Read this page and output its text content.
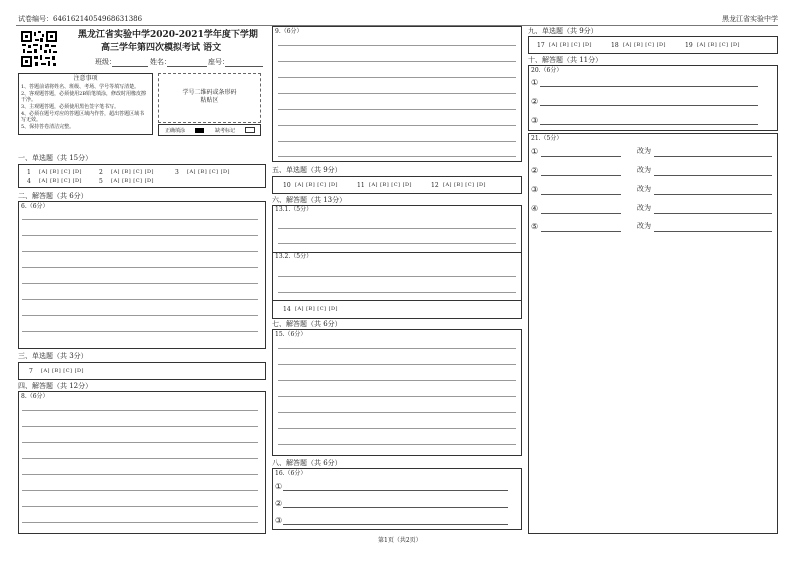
试卷编号：6461621405496863138​6	黑龙江省实验中学
黑龙江省实验中学2020-2021学年度下学期
高三学年第四次模拟考试 语文
班级：	姓名：	座号：
注意事项
1、答题前请将姓名、班级、考场、学号等填写清楚。
2、客观题答题，必须使用2B铅笔填涂，修改时用橡皮擦干净。
3、主观题答题，必须使用黑色签字笔书写。
4、必须在题号对应的答题区域内作答，超出答题区域书写无效。
5、保持答卷清洁完整。
学号二维码或条形码
粘贴区
正确填涂	缺考标记
一、单选题（共 15分）
1 [A] [B] [C] [D]	2 [A] [B] [C] [D]	3 [A] [B] [C] [D]
4 [A] [B] [C] [D]	5 [A] [B] [C] [D]
二、解答题（共 6分）
6.（6分）
三、单选题（共 3分）
7 [A] [B] [C] [D]
四、解答题（共 12分）
8.（6分）
9.（6分）
五、单选题（共 9分）
10 [A] [B] [C] [D]	11 [A] [B] [C] [D]	12 [A] [B] [C] [D]
六、解答题（共 13分）
13.1.（5分）
13.2.（5分）
14 [A] [B] [C] [D]
七、解答题（共 6分）
15.（6分）
八、解答题（共 6分）
16.（6分）
①
②
③
九、单选题（共 9分）
17 [A] [B] [C] [D]	18 [A] [B] [C] [D]	19 [A] [B] [C] [D]
十、解答题（共 11分）
20.（6分）
①
②
③
21.（5分）
①	改为
②	改为
③	改为
④	改为
⑤	改为
第1页（共2页）
